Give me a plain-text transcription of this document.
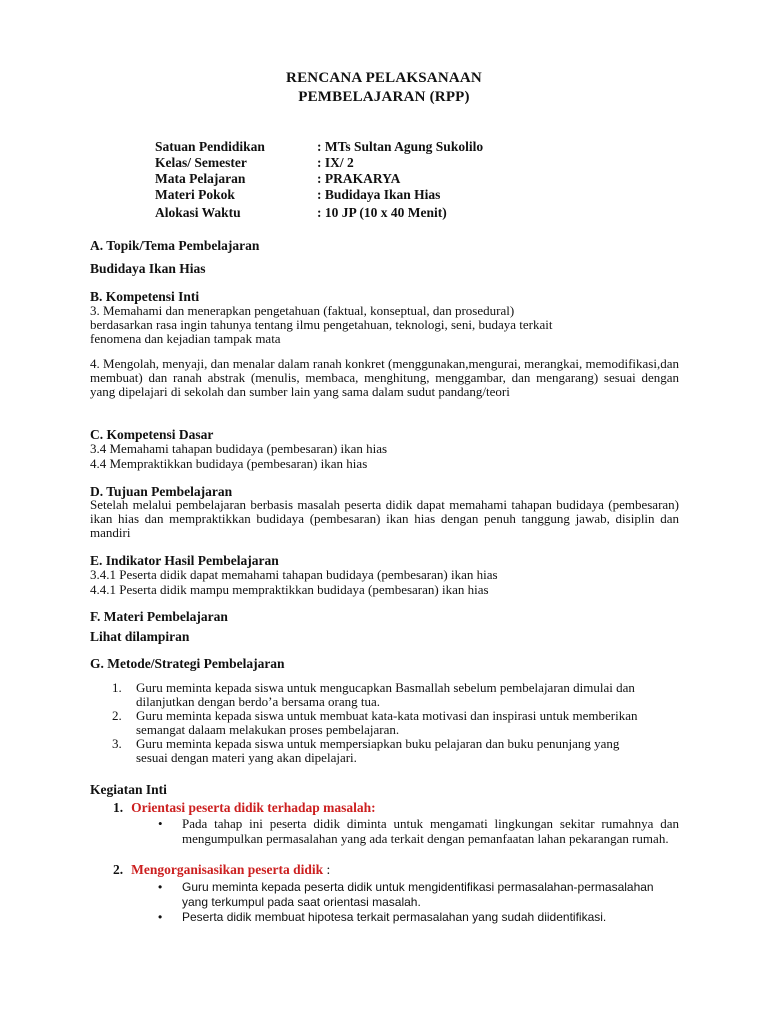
RENCANA PELAKSANAAN
PEMBELAJARAN (RPP)
Satuan Pendidikan	: MTs Sultan Agung Sukolilo
Kelas/ Semester	: IX/ 2
Mata Pelajaran	: PRAKARYA
Materi Pokok	: Budidaya Ikan Hias
Alokasi Waktu	: 10 JP (10 x 40 Menit)
A. Topik/Tema Pembelajaran
Budidaya Ikan Hias
B. Kompetensi Inti
3. Memahami dan menerapkan pengetahuan (faktual, konseptual, dan prosedural)
berdasarkan rasa ingin tahunya tentang ilmu pengetahuan, teknologi, seni, budaya terkait
fenomena dan kejadian tampak mata
4. Mengolah, menyaji, dan menalar dalam ranah konkret (menggunakan,mengurai, merangkai, memodifikasi,dan membuat) dan ranah abstrak (menulis, membaca, menghitung, menggambar, dan mengarang) sesuai dengan yang dipelajari di sekolah dan sumber lain yang sama dalam sudut pandang/teori
C. Kompetensi Dasar
3.4 Memahami tahapan budidaya (pembesaran) ikan hias
4.4 Mempraktikkan budidaya (pembesaran) ikan hias
D. Tujuan Pembelajaran
Setelah melalui pembelajaran berbasis masalah peserta didik dapat memahami tahapan budidaya (pembesaran) ikan hias dan mempraktikkan budidaya (pembesaran) ikan hias dengan penuh tanggung jawab, disiplin dan mandiri
E. Indikator Hasil Pembelajaran
3.4.1 Peserta didik dapat memahami tahapan budidaya (pembesaran) ikan hias
4.4.1 Peserta didik mampu mempraktikkan budidaya (pembesaran) ikan hias
F. Materi Pembelajaran
Lihat dilampiran
G. Metode/Strategi Pembelajaran
1. Guru meminta kepada siswa untuk mengucapkan Basmallah sebelum pembelajaran dimulai dan dilanjutkan dengan berdo’a bersama orang tua.
2. Guru meminta kepada siswa untuk membuat kata-kata motivasi dan inspirasi untuk memberikan semangat dalaam melakukan proses pembelajaran.
3. Guru meminta kepada siswa untuk mempersiapkan buku pelajaran dan buku penunjang yang sesuai dengan materi yang akan dipelajari.
Kegiatan Inti
1. Orientasi peserta didik terhadap masalah:
• Pada tahap ini peserta didik diminta untuk mengamati lingkungan sekitar rumahnya dan mengumpulkan permasalahan yang ada terkait dengan pemanfaatan lahan pekarangan rumah.
2. Mengorganisasikan peserta didik :
• Guru meminta kepada peserta didik untuk mengidentifikasi permasalahan-permasalahan yang terkumpul pada saat orientasi masalah.
• Peserta didik membuat hipotesa terkait permasalahan yang sudah diidentifikasi.
